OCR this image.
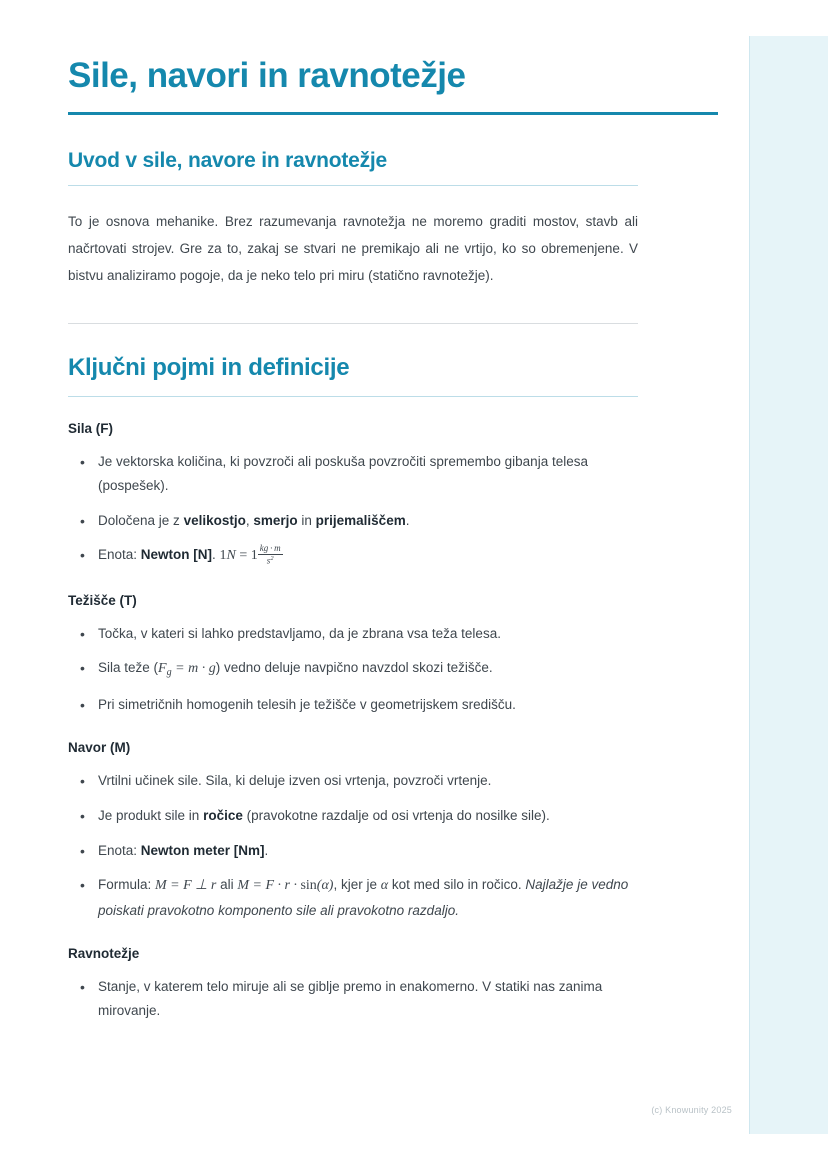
Sile, navori in ravnotežje
Uvod v sile, navore in ravnotežje

To je osnova mehanike. Brez razumevanja ravnotežja ne moremo graditi mostov, stavb ali načrtovati strojev. Gre za to, zakaj se stvari ne premikajo ali ne vrtijo, ko so obremenjene. V bistvu analiziramo pogoje, da je neko telo pri miru (statično ravnotežje).

Ključni pojmi in definicije
Sila (F)
• Je vektorska količina, ki povzroči ali poskuša povzročiti spremembo gibanja telesa (pospešek).
• Določena je z velikostjo, smerjo in prijemališčem.
• Enota: Newton [N]. $1N = 1 \frac{kg \cdot m}{s^2}$
Težišče (T)
• Točka, v kateri si lahko predstavljamo, da je zbrana vsa teža telesa.
• Sila teže $(F_g = m \cdot g)$ vedno deluje navpično navzdol skozi težišče.
• Pri simetričnih homogenih telesih je težišče v geometrijskem središču.
Navor (M)
• Vrtilni učinek sile. Sila, ki deluje izven osi vrtenja, povzroči vrtenje.
• Je produkt sile in ročice (pravokotne razdalje od osi vrtenja do nosilke sile).
• Enota: Newton meter [Nm].
• Formula: M = F ⊥ r ali M = F · r · sin(α), kjer je α kot med silo in ročico. Najlažje je vedno poiskati pravokotno komponento sile ali pravokotno razdaljo.
Ravnotežje
• Stanje, v katerem telo miruje ali se giblje premo in enakomerno. V statiki nas zanima mirovanje.
(c) Knowunity 2025
